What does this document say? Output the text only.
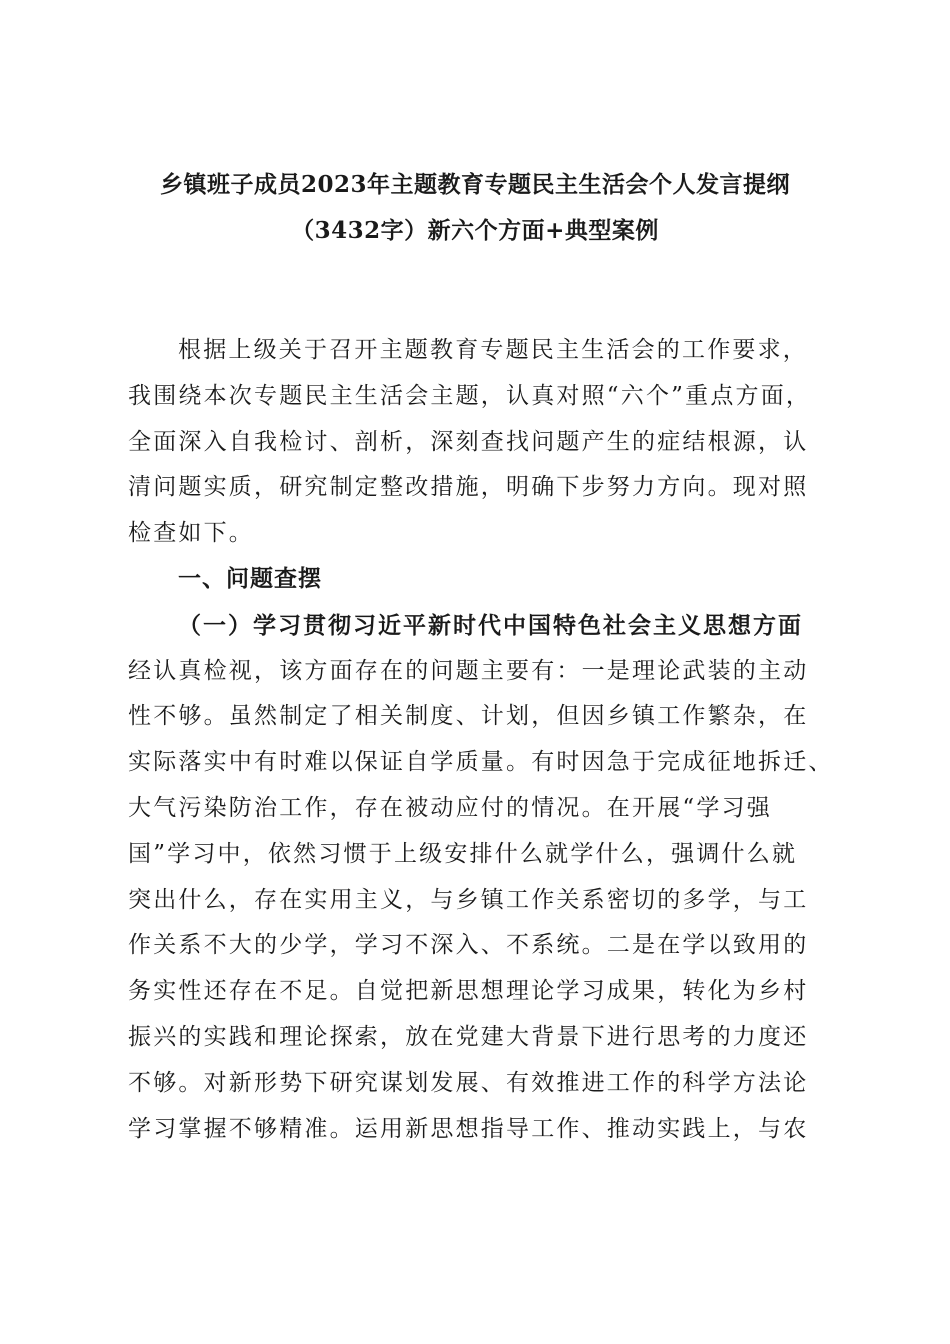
乡镇班子成员2023年主题教育专题民主生活会个人发言提纲
（3432字）新六个方面+典型案例
根据上级关于召开主题教育专题民主生活会的工作要求，
我围绕本次专题民主生活会主题，认真对照“六个”重点方面，
全面深入自我检讨、剖析，深刻查找问题产生的症结根源，认
清问题实质，研究制定整改措施，明确下步努力方向。现对照
检查如下。
一、问题查摆
（一）学习贯彻习近平新时代中国特色社会主义思想方面
经认真检视，该方面存在的问题主要有：一是理论武装的主动
性不够。虽然制定了相关制度、计划，但因乡镇工作繁杂，在
实际落实中有时难以保证自学质量。有时因急于完成征地拆迁、
大气污染防治工作，存在被动应付的情况。在开展“学习强
国”学习中，依然习惯于上级安排什么就学什么，强调什么就
突出什么，存在实用主义，与乡镇工作关系密切的多学，与工
作关系不大的少学，学习不深入、不系统。二是在学以致用的
务实性还存在不足。自觉把新思想理论学习成果，转化为乡村
振兴的实践和理论探索，放在党建大背景下进行思考的力度还
不够。对新形势下研究谋划发展、有效推进工作的科学方法论
学习掌握不够精准。运用新思想指导工作、推动实践上，与农
